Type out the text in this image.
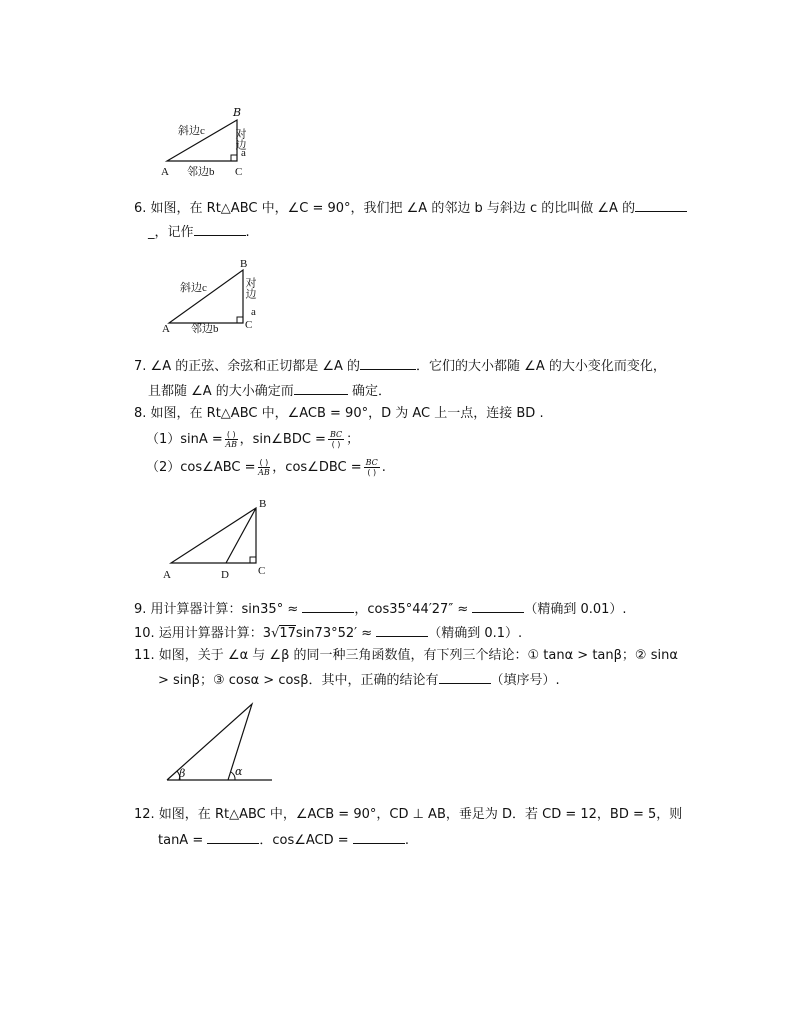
B
A	C
斜边c	对边
a
邻边b
6. 如图，在 Rt△ABC 中，∠C = 90°，我们把 ∠A 的邻边 b 与斜边 c 的比叫做 ∠A 的
_，记作	.
B
A	C
斜边c	对边
a
邻边b
7. ∠A 的正弦、余弦和正切都是 ∠A 的	．它们的大小都随 ∠A 的大小变化而变化，
且都随 ∠A 的大小确定而	确定．
8. 如图，在 Rt△ABC 中，∠ACB = 90°，D 为 AC 上一点，连接 BD .
$(1)\sin A = \frac{( )}{AB}$ ，sin∠BDC = $\frac{BC}{( )}$ ；
（2）cos∠ABC = $\frac{( )}{AB}$ ，cos∠DBC = $\frac{BC}{( )}$ .
B
A	D	C
9. 用计算器计算：sin35° ≈	，cos35°44′27″ ≈	（精确到 0.01）.
10. 运用计算器计算：3√17sin73°52′ ≈	（精确到 0.1）.
11. 如图，关于 ∠α 与 ∠β 的同一种三角函数值，有下列三个结论：① tanα > tanβ；② sinα
> sinβ；③ cosα > cosβ．其中，正确的结论有	（填序号）.
β	α
12. 如图，在 Rt△ABC 中，∠ACB = 90°，CD ⊥ AB，垂足为 D．若 CD = 12，BD = 5，则
tanA =	．cos∠ACD =	.
